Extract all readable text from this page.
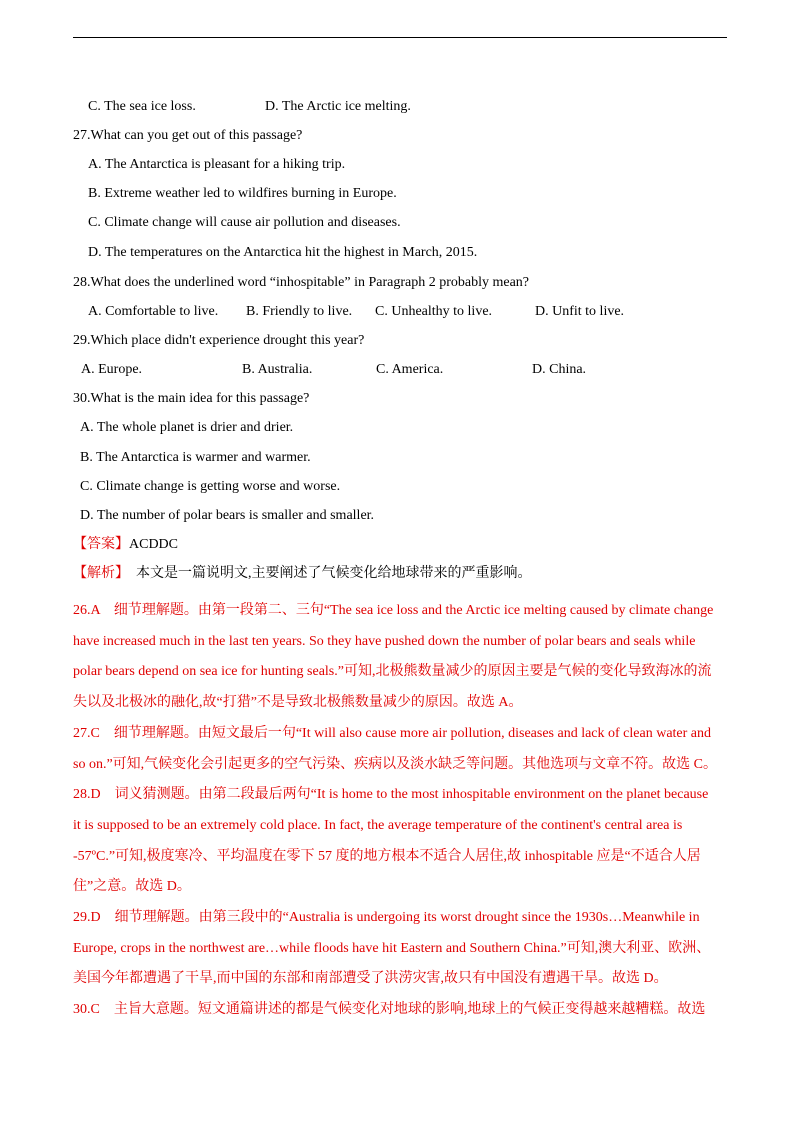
C. The sea ice loss.	D. The Arctic ice melting.
27.What can you get out of this passage?
A. The Antarctica is pleasant for a hiking trip.
B. Extreme weather led to wildfires burning in Europe.
C. Climate change will cause air pollution and diseases.
D. The temperatures on the Antarctica hit the highest in March, 2015.
28.What does the underlined word “inhospitable” in Paragraph 2 probably mean?
A. Comfortable to live. B. Friendly to live. C. Unhealthy to live.	D. Unfit to live.
29.Which place didn't experience drought this year?
A. Europe.	B. Australia.	C. America.	D. China.
30.What is the main idea for this passage?
A. The whole planet is drier and drier.
B. The Antarctica is warmer and warmer.
C. Climate change is getting worse and worse.
D. The number of polar bears is smaller and smaller.
【答案】ACDDC
【解析】  本文是一篇说明文,主要阐述了气候变化给地球带来的严重影响。
26.A    细节理解题。由第一段第二、三句“The sea ice loss and the Arctic ice melting caused by climate change
have increased much in the last ten years. So they have pushed down the number of polar bears and seals while
polar bears depend on sea ice for hunting seals.”可知,北极熊数量减少的原因主要是气候的变化导致海冰的流
失以及北极冰的融化,故“打猎”不是导致北极熊数量减少的原因。故选 A。
27.C    细节理解题。由短文最后一句“It will also cause more air pollution, diseases and lack of clean water and
so on.”可知,气候变化会引起更多的空气污染、疾病以及淡水缺乏等问题。其他选项与文章不符。故选 C。
28.D    词义猜测题。由第二段最后两句“It is home to the most inhospitable environment on the planet because
it is supposed to be an extremely cold place. In fact, the average temperature of the continent's central area is
-57ºC.”可知,极度寒冷、平均温度在零下 57 度的地方根本不适合人居住,故 inhospitable 应是“不适合人居
住”之意。故选 D。
29.D    细节理解题。由第三段中的“Australia is undergoing its worst drought since the 1930s…Meanwhile in
Europe, crops in the northwest are…while floods have hit Eastern and Southern China.”可知,澳大利亚、欧洲、
美国今年都遭遇了干旱,而中国的东部和南部遭受了洪涝灾害,故只有中国没有遭遇干旱。故选 D。
30.C    主旨大意题。短文通篇讲述的都是气候变化对地球的影响,地球上的气候正变得越来越糟糕。故选
